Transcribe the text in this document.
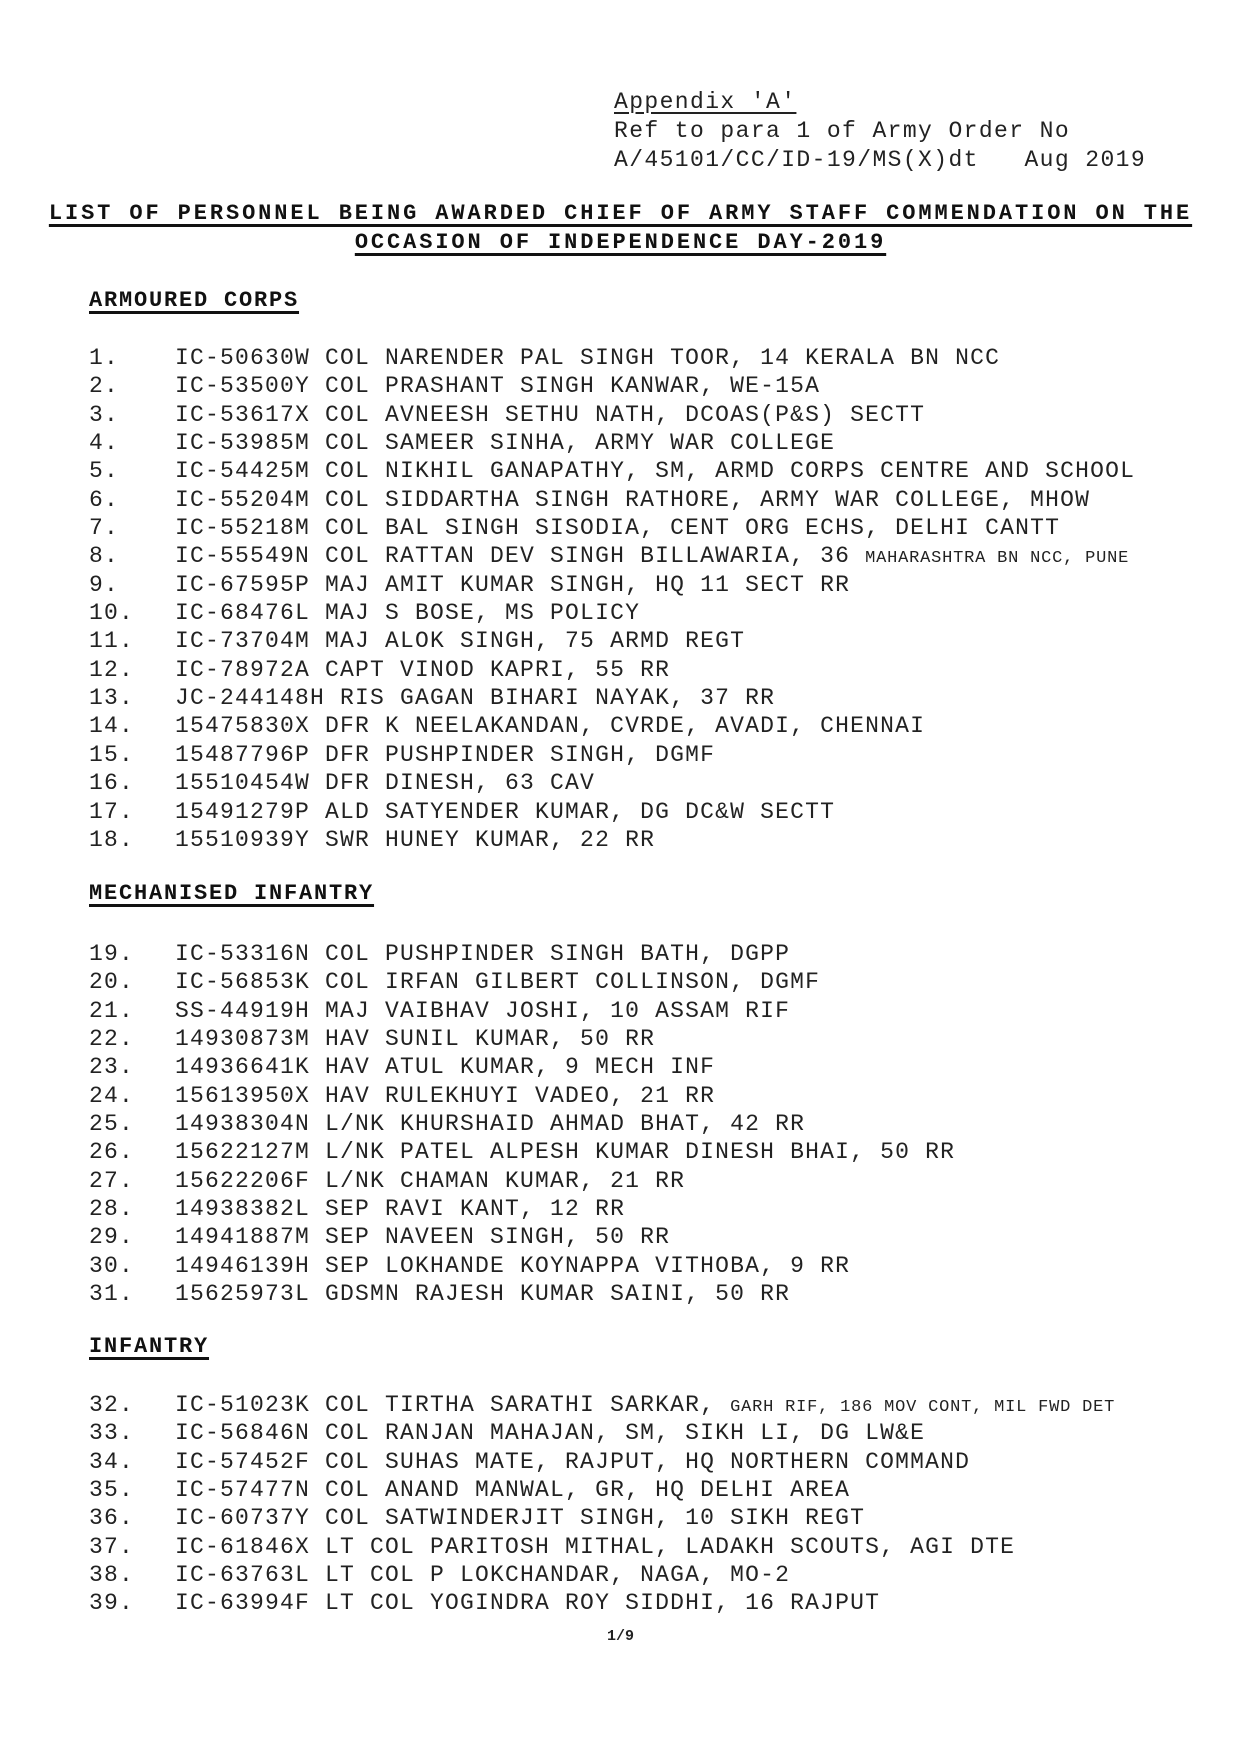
Appendix 'A'
Ref to para 1 of Army Order No
A/45101/CC/ID-19/MS(X)dt   Aug 2019
LIST OF PERSONNEL BEING AWARDED CHIEF OF ARMY STAFF COMMENDATION ON THE
OCCASION OF INDEPENDENCE DAY-2019
ARMOURED CORPS
1. IC-50630W COL NARENDER PAL SINGH TOOR, 14 KERALA BN NCC
2. IC-53500Y COL PRASHANT SINGH KANWAR, WE-15A
3. IC-53617X COL AVNEESH SETHU NATH, DCOAS(P&S) SECTT
4. IC-53985M COL SAMEER SINHA, ARMY WAR COLLEGE
5. IC-54425M COL NIKHIL GANAPATHY, SM, ARMD CORPS CENTRE AND SCHOOL
6. IC-55204M COL SIDDARTHA SINGH RATHORE, ARMY WAR COLLEGE, MHOW
7. IC-55218M COL BAL SINGH SISODIA, CENT ORG ECHS, DELHI CANTT
8. IC-55549N COL RATTAN DEV SINGH BILLAWARIA, 36 MAHARASHTRA BN NCC, PUNE
9. IC-67595P MAJ AMIT KUMAR SINGH, HQ 11 SECT RR
10. IC-68476L MAJ S BOSE, MS POLICY
11. IC-73704M MAJ ALOK SINGH, 75 ARMD REGT
12. IC-78972A CAPT VINOD KAPRI, 55 RR
13. JC-244148H RIS GAGAN BIHARI NAYAK, 37 RR
14. 15475830X DFR K NEELAKANDAN, CVRDE, AVADI, CHENNAI
15. 15487796P DFR PUSHPINDER SINGH, DGMF
16. 15510454W DFR DINESH, 63 CAV
17. 15491279P ALD SATYENDER KUMAR, DG DC&W SECTT
18. 15510939Y SWR HUNEY KUMAR, 22 RR
MECHANISED INFANTRY
19. IC-53316N COL PUSHPINDER SINGH BATH, DGPP
20. IC-56853K COL IRFAN GILBERT COLLINSON, DGMF
21. SS-44919H MAJ VAIBHAV JOSHI, 10 ASSAM RIF
22. 14930873M HAV SUNIL KUMAR, 50 RR
23. 14936641K HAV ATUL KUMAR, 9 MECH INF
24. 15613950X HAV RULEKHUYI VADEO, 21 RR
25. 14938304N L/NK KHURSHAID AHMAD BHAT, 42 RR
26. 15622127M L/NK PATEL ALPESH KUMAR DINESH BHAI, 50 RR
27. 15622206F L/NK CHAMAN KUMAR, 21 RR
28. 14938382L SEP RAVI KANT, 12 RR
29. 14941887M SEP NAVEEN SINGH, 50 RR
30. 14946139H SEP LOKHANDE KOYNAPPA VITHOBA, 9 RR
31. 15625973L GDSMN RAJESH KUMAR SAINI, 50 RR
INFANTRY
32. IC-51023K COL TIRTHA SARATHI SARKAR, GARH RIF, 186 MOV CONT, MIL FWD DET
33. IC-56846N COL RANJAN MAHAJAN, SM, SIKH LI, DG LW&E
34. IC-57452F COL SUHAS MATE, RAJPUT, HQ NORTHERN COMMAND
35. IC-57477N COL ANAND MANWAL, GR, HQ DELHI AREA
36. IC-60737Y COL SATWINDERJIT SINGH, 10 SIKH REGT
37. IC-61846X LT COL PARITOSH MITHAL, LADAKH SCOUTS, AGI DTE
38. IC-63763L LT COL P LOKCHANDAR, NAGA, MO-2
39. IC-63994F LT COL YOGINDRA ROY SIDDHI, 16 RAJPUT
1/9
